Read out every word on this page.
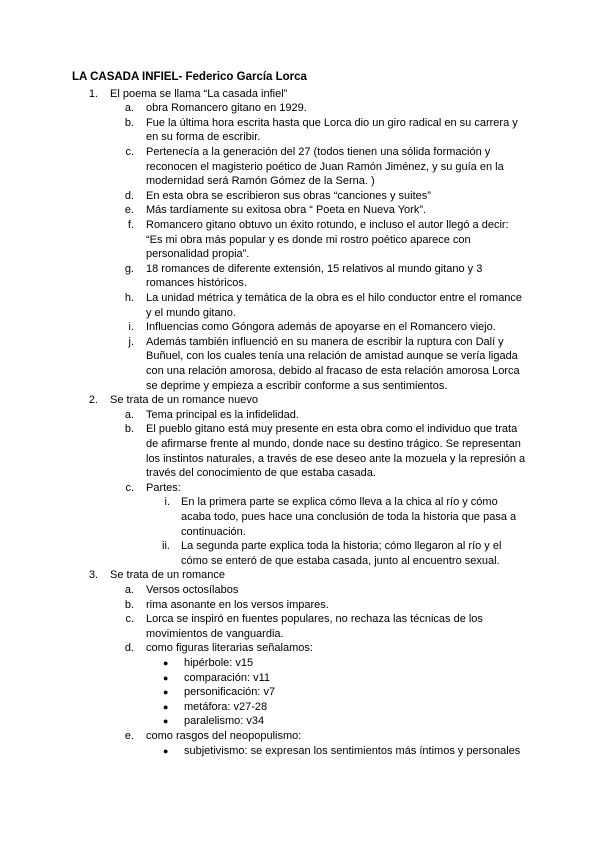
LA CASADA INFIEL- Federico García Lorca
1. El poema se llama “La casada infiel”
a. obra Romancero gitano en 1929.
b. Fue la última hora escrita hasta que Lorca dio un giro radical en su carrera y
en su forma de escribir.
c. Pertenecía a la generación del 27 (todos tienen una sólida formación y
reconocen el magisterio poético de Juan Ramón Jiménez, y su guía en la
modernidad será Ramón Gómez de la Serna. )
d. En esta obra se escribieron sus obras “canciones y suites”
e. Más tardíamente su exitosa obra “ Poeta en Nueva York”.
f. Romancero gitano obtuvo un éxito rotundo, e incluso el autor llegó a decir:
“Es mi obra más popular y es donde mi rostro poético aparece con
personalidad propia”.
g. 18 romances de diferente extensión, 15 relativos al mundo gitano y 3
romances históricos.
h. La unidad métrica y temática de la obra es el hilo conductor entre el romance
y el mundo gitano.
i. Influencias como Góngora además de apoyarse en el Romancero viejo.
j. Además también influenció en su manera de escribir la ruptura con Dalí y
Buñuel, con los cuales tenía una relación de amistad aunque se vería ligada
con una relación amorosa, debido al fracaso de esta relación amorosa Lorca
se deprime y empieza a escribir conforme a sus sentimientos.
2. Se trata de un romance nuevo
a. Tema principal es la infidelidad.
b. El pueblo gitano está muy presente en esta obra como el individuo que trata
de afirmarse frente al mundo, donde nace su destino trágico. Se representan
los instintos naturales, a través de ese deseo ante la mozuela y la represión a
través del conocimiento de que estaba casada.
c. Partes:
i. En la primera parte se explica cómo lleva a la chica al río y cómo
acaba todo, pues hace una conclusión de toda la historia que pasa a
continuación.
ii. La segunda parte explica toda la historia; cómo llegaron al río y el
cómo se enteró de que estaba casada, junto al encuentro sexual.
3. Se trata de un romance
a. Versos octosílabos
b. rima asonante en los versos impares.
c. Lorca se inspiró en fuentes populares, no rechaza las técnicas de los
movimientos de vanguardia.
d. como figuras literarias señalamos:
● hipérbole: v15
● comparación: v11
● personificación: v7
● metáfora: v27-28
● paralelismo: v34
e. como rasgos del neopopulismo:
● subjetivismo: se expresan los sentimientos más íntimos y personales
